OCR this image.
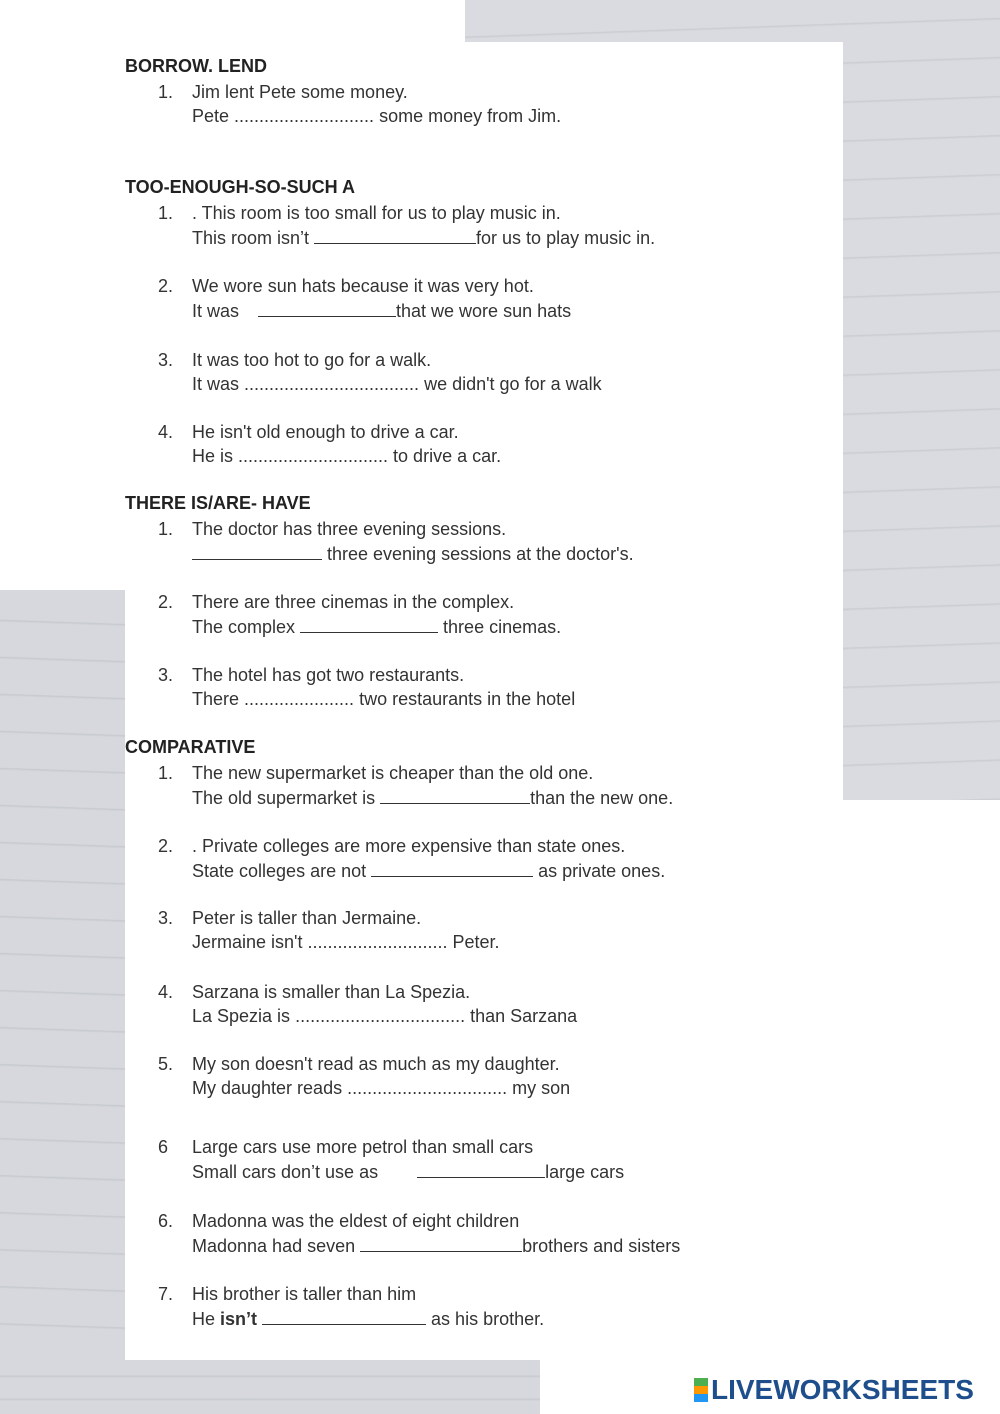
BORROW. LEND
1. Jim lent Pete some money.
Pete ............................ some money from Jim.
TOO-ENOUGH-SO-SUCH A
1. . This room is too small for us to play music in.
This room isn’t	for us to play music in.
2. We wore sun hats because it was very hot.
It was	that we wore sun hats
3. It was too hot to go for a walk.
It was ................................... we didn't go for a walk
4. He isn't old enough to drive a car.
He is .............................. to drive a car.
THERE IS/ARE- HAVE
1. The doctor has three evening sessions.
three evening sessions at the doctor's.
2. There are three cinemas in the complex.
The complex	three cinemas.
3. The hotel has got two restaurants.
There ...................... two restaurants in the hotel
COMPARATIVE
1. The new supermarket is cheaper than the old one.
The old supermarket is	than the new one.
2. . Private colleges are more expensive than state ones.
State colleges are not	as private ones.
3. Peter is taller than Jermaine.
Jermaine isn't ............................ Peter.
4. Sarzana is smaller than La Spezia.
La Spezia is .................................. than Sarzana
5. My son doesn't read as much as my daughter.
My daughter reads ................................ my son
6 Large cars use more petrol than small cars
Small cars don’t use as	large cars
6. Madonna was the eldest of eight children
Madonna had seven	brothers and sisters
7. His brother is taller than him
He isn’t	as his brother.
LIVEWORKSHEETS
